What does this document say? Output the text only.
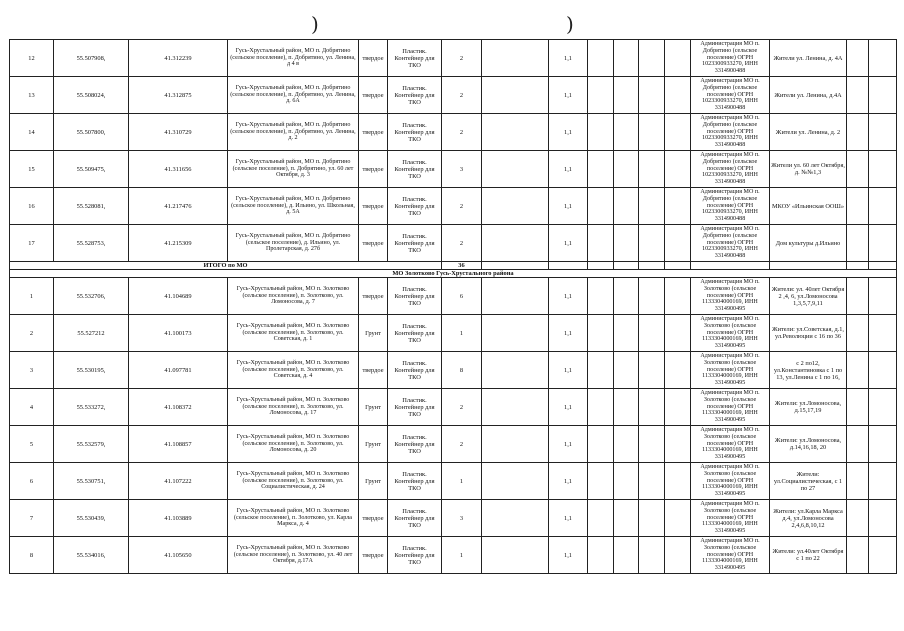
)	)
12	55.507908,	41.312239	Гусь-Хрустальный район, МО п. Добрятино (сельское поселение), п. Добрятино, ул. Ленина, д 4 в	твердое	Пластик. Контейнер для ТКО	2		1,1					Администрация МО п. Добрятино (сельское поселение) ОГРН 1023300933270, ИНН 3314900488	Жители ул. Ленина, д. 4А		
13	55.508024,	41.312875	Гусь-Хрустальный район, МО п. Добрятино (сельское поселение), п. Добрятино, ул. Ленина, д. 6А	твердое	Пластик. Контейнер для ТКО	2		1,1					Администрация МО п. Добрятино (сельское поселение) ОГРН 1023300933270, ИНН 3314900488	Жители ул. Ленина, д.4А		
14	55.507800,	41.310729	Гусь-Хрустальный район, МО п. Добрятино (сельское поселение), п. Добрятино, ул. Ленина, д. 2	твердое	Пластик. Контейнер для ТКО	2		1,1					Администрация МО п. Добрятино (сельское поселение) ОГРН 1023300933270, ИНН 3314900488	Жители ул. Ленина, д. 2		
15	55.509475,	41.311656	Гусь-Хрустальный район, МО п. Добрятино (сельское поселение), п. Добрятино, ул. 60 лет Октября, д. 3	твердое	Пластик. Контейнер для ТКО	3		1,1					Администрация МО п. Добрятино (сельское поселение) ОГРН 1023300933270, ИНН 3314900488	Жители ул. 60 лет Октября, д. №№1,3		
16	55.528081,	41.217476	Гусь-Хрустальный район, МО п. Добрятино (сельское поселение), д. Ильино, ул. Школьная, д. 5А	твердое	Пластик. Контейнер для ТКО	2		1,1					Администрация МО п. Добрятино (сельское поселение) ОГРН 1023300933270, ИНН 3314900488	МКОУ «Ильинская ООШ»		
17	55.528753,	41.215309	Гусь-Хрустальный район, МО п. Добрятино (сельское поселение), д. Ильино, ул. Пролетарская, д. 27б	твердое	Пластик. Контейнер для ТКО	2		1,1					Администрация МО п. Добрятино (сельское поселение) ОГРН 1023300933270, ИНН 3314900488	Дом культуры д.Ильино		
ИТОГО по МО						36										
МО Золотково Гусь-Хрустального района																
1	55.532706,	41.104689	Гусь-Хрустальный район, МО п. Золотково (сельское поселение), п. Золотково, ул. Ломоносова, д. 7	твердое	Пластик. Контейнер для ТКО	6		1,1					Администрация МО п. Золотково (сельское поселение) ОГРН 1133304000169, ИНН 3314900495	Жители: ул. 40лет Октября 2 ,4, 6, ул.Ломоносова 1,3,5,7,9,11		
2	55.527212	41.100173	Гусь-Хрустальный район, МО п. Золотково (сельское поселение), п. Золотково, ул. Советская, д. 1	Грунт	Пластик. Контейнер для ТКО	1		1,1					Администрация МО п. Золотково (сельское поселение) ОГРН 1133304000169, ИНН 3314900495	Жители: ул.Советская, д.1, ул.Революции с 16 по 36		
3	55.530195,	41.097781	Гусь-Хрустальный район, МО п. Золотково (сельское поселение), п. Золотково, ул. Советская, д. 4	твердое	Пластик. Контейнер для ТКО	8		1,1					Администрация МО п. Золотково (сельское поселение) ОГРН 1133304000169, ИНН 3314900495	с 2 по12, ул.Константиновка с 1 по 13, ул.Ленина с 1 по 16,		
4	55.533272,	41.108372	Гусь-Хрустальный район, МО п. Золотково (сельское поселение), п. Золотково, ул. Ломоносова, д. 17	Грунт	Пластик. Контейнер для ТКО	2		1,1					Администрация МО п. Золотково (сельское поселение) ОГРН 1133304000169, ИНН 3314900495	Жители: ул.Ломоносова, д.15,17,19		
5	55.532579,	41.108857	Гусь-Хрустальный район, МО п. Золотково (сельское поселение), п. Золотково, ул. Ломоносова, д. 20	Грунт	Пластик. Контейнер для ТКО	2		1,1					Администрация МО п. Золотково (сельское поселение) ОГРН 1133304000169, ИНН 3314900495	Жители: ул.Ломоносова, д.14,16,18, 20		
6	55.530751,	41.107222	Гусь-Хрустальный район, МО п. Золотково (сельское поселение), п. Золотково, ул. Социалистическая, д. 24	Грунт	Пластик. Контейнер для ТКО	1		1,1					Администрация МО п. Золотково (сельское поселение) ОГРН 1133304000169, ИНН 3314900495	Жители: ул.Социалистическая, с 1 по 27		
7	55.530439,	41.103889	Гусь-Хрустальный район, МО п. Золотково (сельское поселение), п. Золотково, ул. Карла Маркса, д. 4	твердое	Пластик. Контейнер для ТКО	3		1,1					Администрация МО п. Золотково (сельское поселение) ОГРН 1133304000169, ИНН 3314900495	Жители: ул.Карла Маркса д.4, ул.Ломоносова 2,4,6,8,10,12		
8	55.534016,	41.105650	Гусь-Хрустальный район, МО п. Золотково (сельское поселение), п. Золотково, ул. 40 лет Октября, д.17А	твердое	Пластик. Контейнер для ТКО	1		1,1					Администрация МО п. Золотково (сельское поселение) ОГРН 1133304000169, ИНН 3314900495	Жители: ул.40лет Октября с 1 по 22		
